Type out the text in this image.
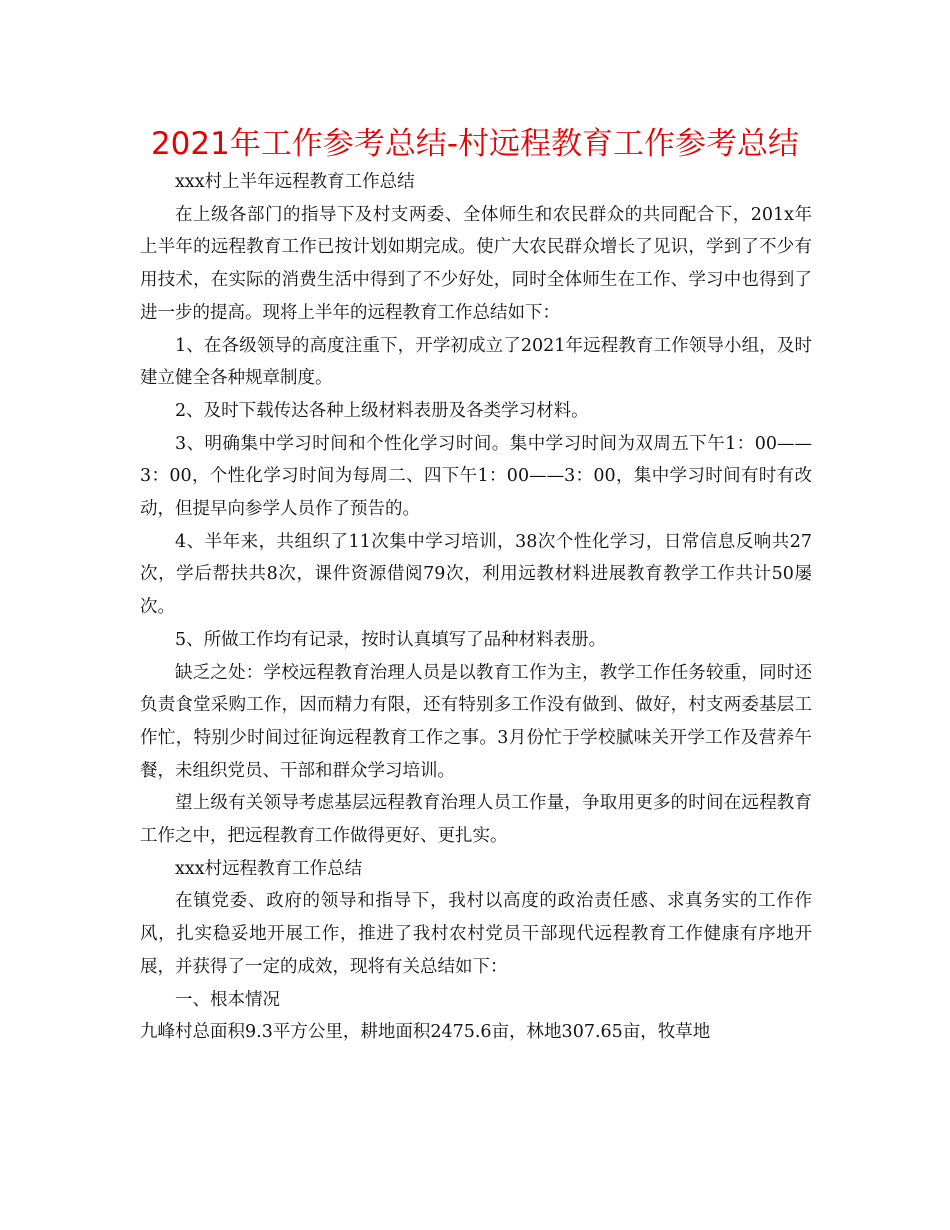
2021年工作参考总结-村远程教育工作参考总结

xxx村上半年远程教育工作总结

在上级各部门的指导下及村支两委、全体师生和农民群众的共同配合下，201x年上半年的远程教育工作已按计划如期完成。使广大农民群众增长了见识，学到了不少有用技术，在实际的消费生活中得到了不少好处，同时全体师生在工作、学习中也得到了进一步的提高。现将上半年的远程教育工作总结如下：

1、在各级领导的高度注重下，开学初成立了2021年远程教育工作领导小组，及时建立健全各种规章制度。

2、及时下载传达各种上级材料表册及各类学习材料。

3、明确集中学习时间和个性化学习时间。集中学习时间为双周五下午1：00——3：00，个性化学习时间为每周二、四下午1：00——3：00，集中学习时间有时有改动，但提早向参学人员作了预告的。

4、半年来，共组织了11次集中学习培训，38次个性化学习，日常信息反响共27次，学后帮扶共8次，课件资源借阅79次，利用远教材料进展教育教学工作共计50屡次。

5、所做工作均有记录，按时认真填写了品种材料表册。

缺乏之处：学校远程教育治理人员是以教育工作为主，教学工作任务较重，同时还负责食堂采购工作，因而精力有限，还有特别多工作没有做到、做好，村支两委基层工作忙，特别少时间过征询远程教育工作之事。3月份忙于学校腻味关开学工作及营养午餐，未组织党员、干部和群众学习培训。

望上级有关领导考虑基层远程教育治理人员工作量，争取用更多的时间在远程教育工作之中，把远程教育工作做得更好、更扎实。

xxx村远程教育工作总结

在镇党委、政府的领导和指导下，我村以高度的政治责任感、求真务实的工作作风，扎实稳妥地开展工作，推进了我村农村党员干部现代远程教育工作健康有序地开展，并获得了一定的成效，现将有关总结如下：

一、根本情况

九峰村总面积9.3平方公里，耕地面积2475.6亩，林地307.65亩，牧草地
